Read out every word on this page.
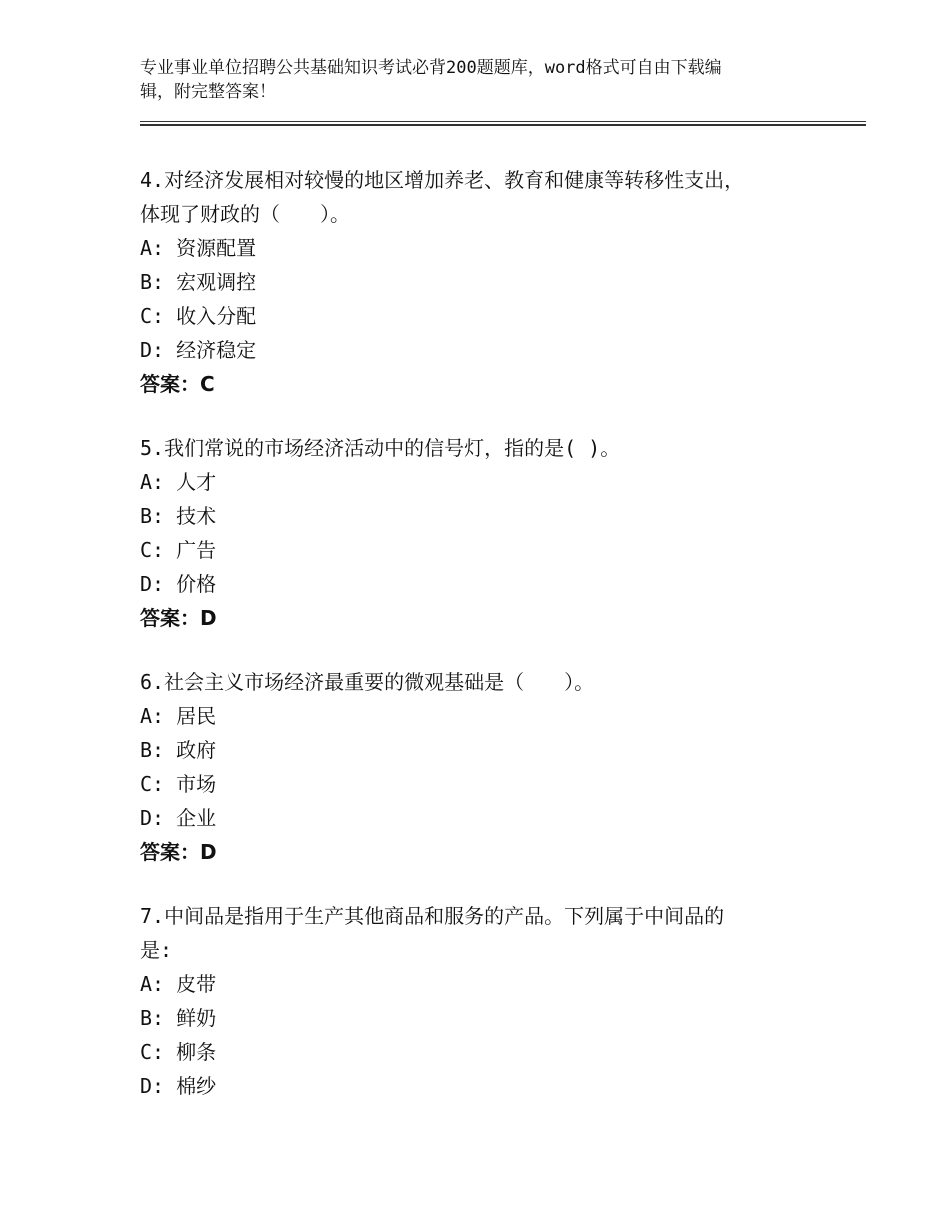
专业事业单位招聘公共基础知识考试必背200题题库，word格式可自由下载编
辑，附完整答案！
4.对经济发展相对较慢的地区增加养老、教育和健康等转移性支出，
体现了财政的（　　）。
A: 资源配置
B: 宏观调控
C: 收入分配
D: 经济稳定
答案：C
5.我们常说的市场经济活动中的信号灯，指的是( )。
A: 人才
B: 技术
C: 广告
D: 价格
答案：D
6.社会主义市场经济最重要的微观基础是（　　）。
A: 居民
B: 政府
C: 市场
D: 企业
答案：D
7.中间品是指用于生产其他商品和服务的产品。下列属于中间品的
是:
A: 皮带
B: 鲜奶
C: 柳条
D: 棉纱
